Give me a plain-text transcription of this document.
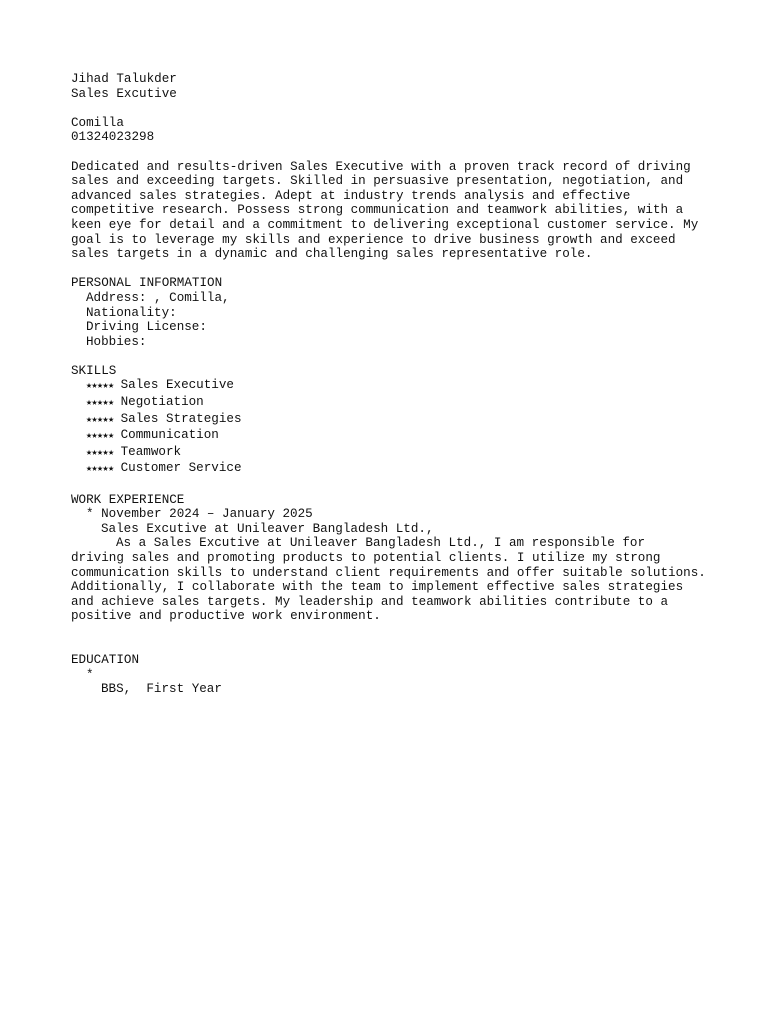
Jihad Talukder
Sales Excutive
Comilla
01324023298
Dedicated and results-driven Sales Executive with a proven track record of driving sales and exceeding targets. Skilled in persuasive presentation, negotiation, and advanced sales strategies. Adept at industry trends analysis and effective competitive research. Possess strong communication and teamwork abilities, with a keen eye for detail and a commitment to delivering exceptional customer service. My goal is to leverage my skills and experience to drive business growth and exceed sales targets in a dynamic and challenging sales representative role.
PERSONAL INFORMATION
Address: , Comilla,
Nationality:
Driving License:
Hobbies:
SKILLS
★★★★★ Sales Executive
★★★★★ Negotiation
★★★★★ Sales Strategies
★★★★★ Communication
★★★★★ Teamwork
★★★★★ Customer Service
WORK EXPERIENCE
* November 2024 – January 2025
Sales Excutive at Unileaver Bangladesh Ltd.,
As a Sales Excutive at Unileaver Bangladesh Ltd., I am responsible for
driving sales and promoting products to potential clients. I utilize my strong communication skills to understand client requirements and offer suitable solutions. Additionally, I collaborate with the team to implement effective sales strategies and achieve sales targets. My leadership and teamwork abilities contribute to a positive and productive work environment.
EDUCATION
*
BBS,  First Year
